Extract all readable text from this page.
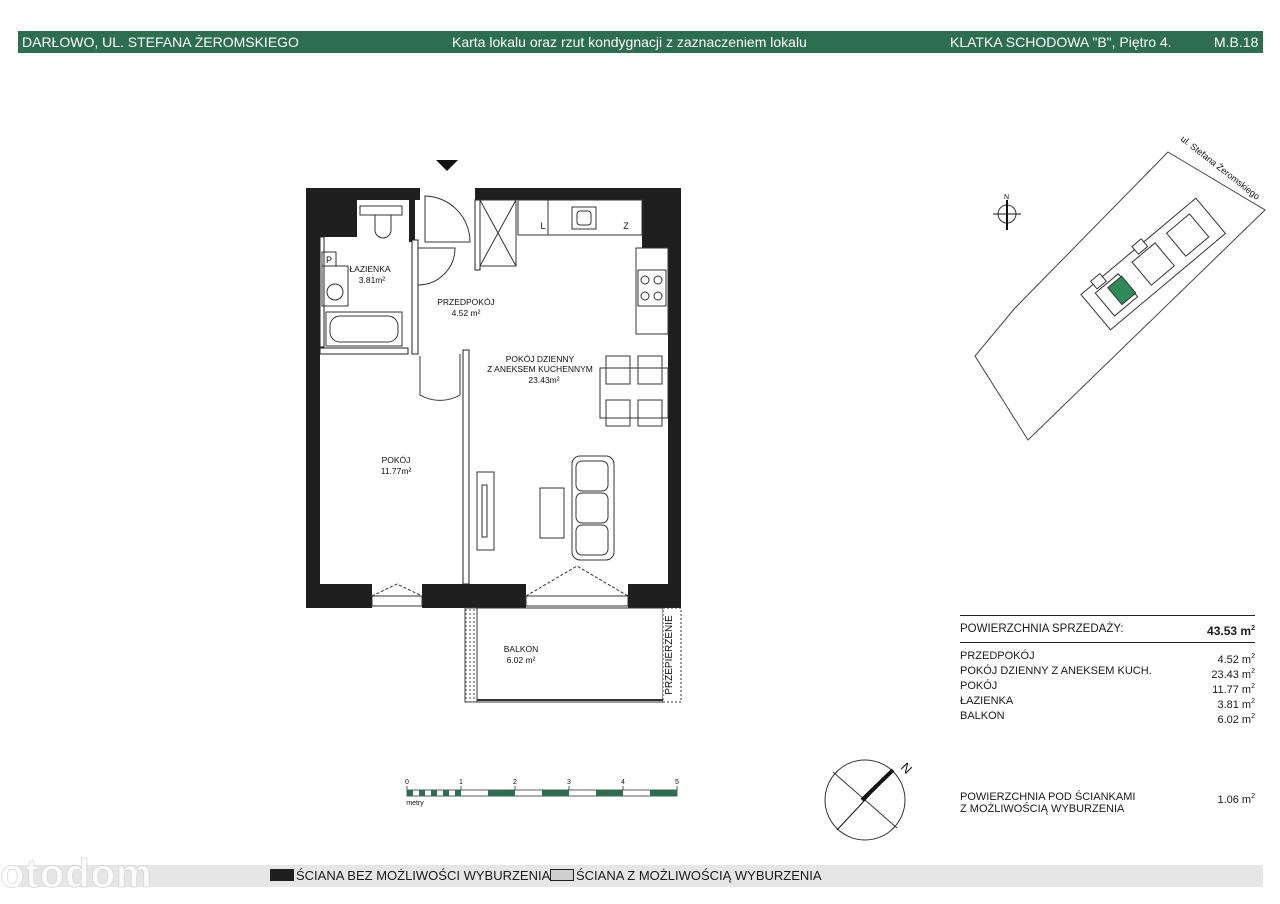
DARŁOWO, UL. STEFANA ŻEROMSKIEGO	Karta lokalu oraz rzut kondygnacji z zaznaczeniem lokalu	KLATKA SCHODOWA "B", Piętro 4.	M.B.18
P
L	Z
PRZEPIERZENIE
ŁAZIENKA
3.81m²
PRZEDPOKÓJ
4.52 m²
POKÓJ DZIENNY
Z ANEKSEM KUCHENNYM
23.43m²
POKÓJ
11.77m²
BALKON
6.02 m²
0	1	2	3	4	5
metry
N
N	ul. Stefana Żeromskiego
POWIERZCHNIA SPRZEDAŻY:	43.53 $m^2$
PRZEDPOKÓJ	4.52 $m^2$
POKÓJ DZIENNY Z ANEKSEM KUCH.	23.43 $m^2$
POKÓJ	11.77 $m^2$
ŁAZIENKA	3.81 $m^2$
BALKON	6.02 $m^2$
POWIERZCHNIA POD ŚCIANKAMI
Z MOŻLIWOŚCIĄ WYBURZENIA
1.06 $m^2$
ŚCIANA BEZ MOŻLIWOŚCI WYBURZENIA	ŚCIANA Z MOŻLIWOŚCIĄ WYBURZENIA
otodom
